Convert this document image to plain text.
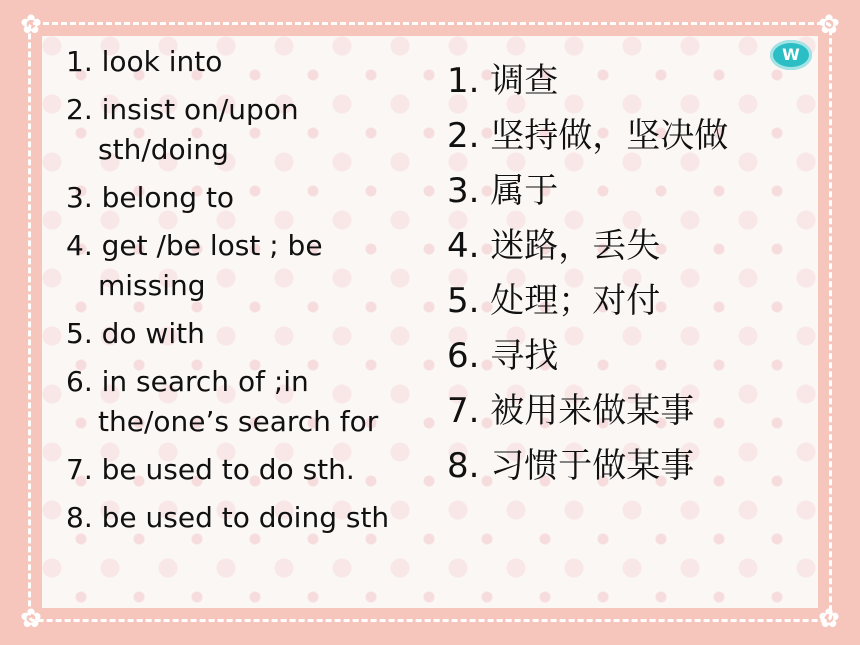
✿	✿
✿	✿
W
1. look into
2. insist on/upon sth/doing
3. belong to
4. get /be lost ; be missing
5. do with
6. in search of ;in the/one’s search for
7. be used to do sth.
8. be used to doing sth
1. 调查
2. 坚持做，坚决做
3. 属于
4. 迷路，丢失
5. 处理；对付
6. 寻找
7. 被用来做某事
8. 习惯于做某事
